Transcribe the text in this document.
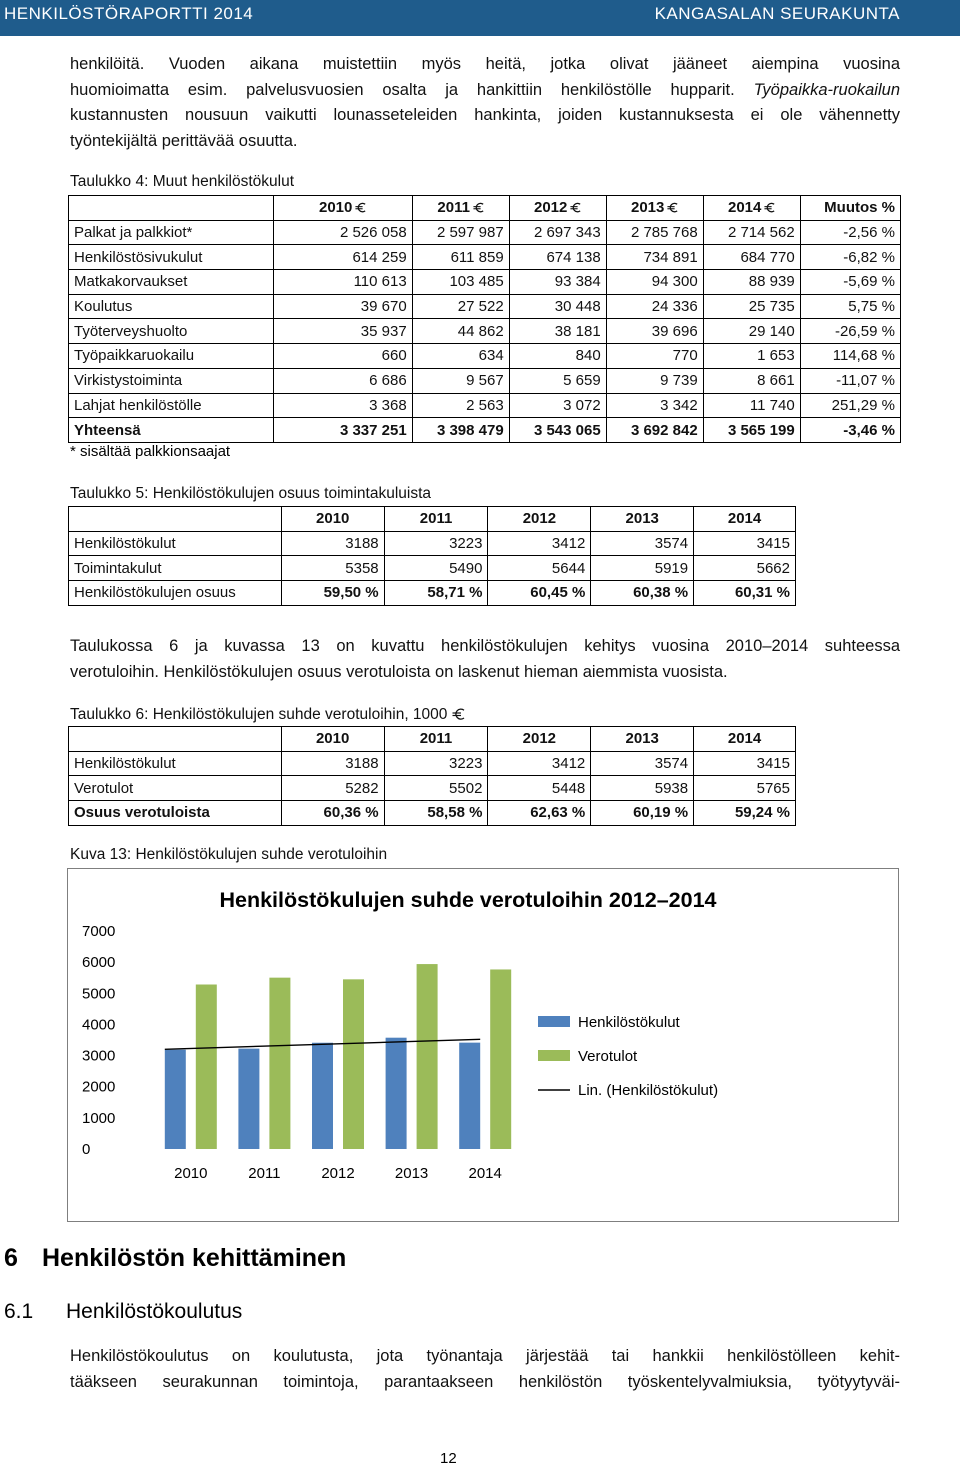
HENKILÖSTÖRAPORTTI 2014	KANGASALAN SEURAKUNTA
henkilöitä. Vuoden aikana muistettiin myös heitä, jotka olivat jääneet aiempina vuosina
huomioimatta esim. palvelusvuosien osalta ja hankittiin henkilöstölle hupparit. Työpaikka-ruokailun
kustannusten nousuun vaikutti lounasseteleiden hankinta, joiden kustannuksesta ei ole vähennetty
työntekijältä perittävää osuutta.
Taulukko 4: Muut henkilöstökulut
	2010	2011	2012	2013	2014	Muutos %
Palkat ja palkkiot*	2 526 058	2 597 987	2 697 343	2 785 768	2 714 562	-2,56 %
Henkilöstösivukulut	614 259	611 859	674 138	734 891	684 770	-6,82 %
Matkakorvaukset	110 613	103 485	93 384	94 300	88 939	-5,69 %
Koulutus	39 670	27 522	30 448	24 336	25 735	5,75 %
Työterveyshuolto	35 937	44 862	38 181	39 696	29 140	-26,59 %
Työpaikkaruokailu	660	634	840	770	1 653	114,68 %
Virkistystoiminta	6 686	9 567	5 659	9 739	8 661	-11,07 %
Lahjat henkilöstölle	3 368	2 563	3 072	3 342	11 740	251,29 %
Yhteensä	3 337 251	3 398 479	3 543 065	3 692 842	3 565 199	-3,46 %
* sisältää palkkionsaajat
Taulukko 5: Henkilöstökulujen osuus toimintakuluista
	2010	2011	2012	2013	2014
Henkilöstökulut	3188	3223	3412	3574	3415
Toimintakulut	5358	5490	5644	5919	5662
Henkilöstökulujen osuus	59,50 %	58,71 %	60,45 %	60,38 %	60,31 %
Taulukossa 6 ja kuvassa 13 on kuvattu henkilöstökulujen kehitys vuosina 2010–2014 suhteessa
verotuloihin. Henkilöstökulujen osuus verotuloista on laskenut hieman aiemmista vuosista.
Taulukko 6: Henkilöstökulujen suhde verotuloihin, 1000
	2010	2011	2012	2013	2014
Henkilöstökulut	3188	3223	3412	3574	3415
Verotulot	5282	5502	5448	5938	5765
Osuus verotuloista	60,36 %	58,58 %	62,63 %	60,19 %	59,24 %
Kuva 13: Henkilöstökulujen suhde verotuloihin
Henkilöstökulujen suhde verotuloihin 2012–2014
0
1000
2000
3000
4000
5000
6000
7000
2010	2011	2012	2013	2014
Henkilöstökulut
Verotulot
Lin. (Henkilöstökulut)
6 Henkilöstön kehittäminen
6.1 Henkilöstökoulutus
Henkilöstökoulutus on koulutusta, jota työnantaja järjestää tai hankkii henkilöstölleen kehit-
tääkseen seurakunnan toimintoja, parantaakseen henkilöstön työskentelyvalmiuksia, työtyytyväi-
12
